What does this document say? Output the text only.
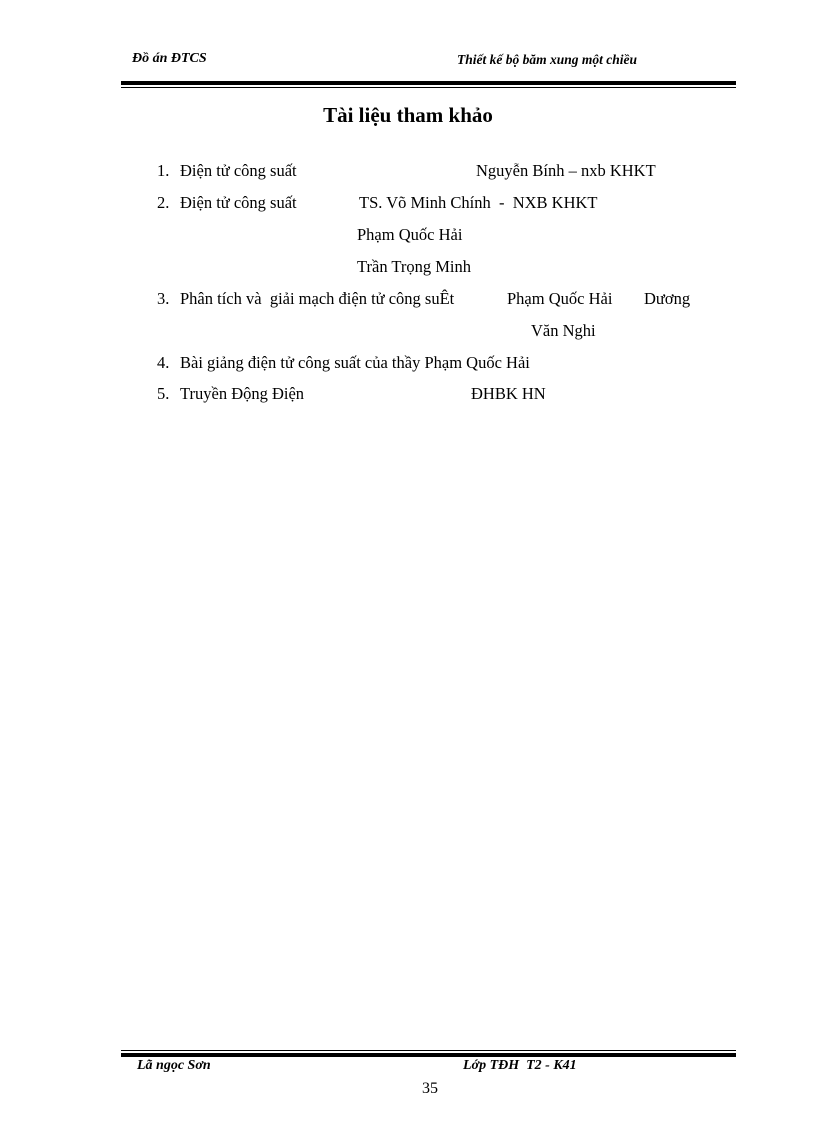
Đồ án ĐTCS	Thiết kế bộ băm xung một chiều
Tài liệu tham khảo
1. Điện tử công suất	Nguyễn Bính – nxb KHKT
2. Điện tử công suất	TS. Võ Minh Chính  -  NXB KHKT
Phạm Quốc Hải
Trần Trọng Minh
3. Phân tích và  giải mạch điện tử công suÊt	Phạm Quốc Hải Dương
Văn Nghi
4. Bài giảng điện tử công suất của thầy Phạm Quốc Hải
5. Truyền Động Điện	ĐHBK HN
Lã ngọc Sơn	Lớp TĐH  T2 - K41
35
